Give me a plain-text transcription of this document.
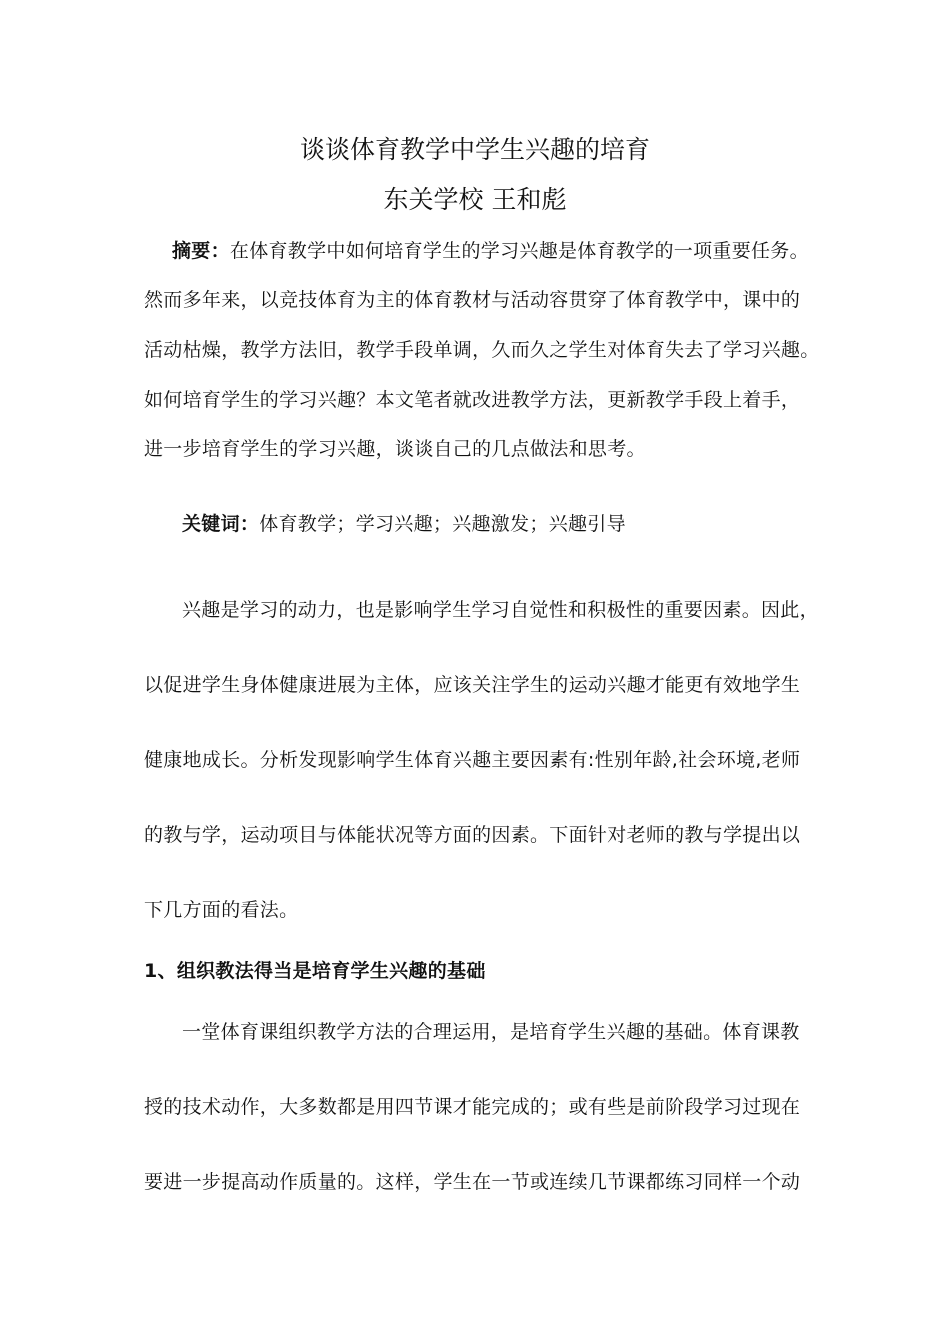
谈谈体育教学中学生兴趣的培育
东关学校 王和彪
摘要：在体育教学中如何培育学生的学习兴趣是体育教学的一项重要任务。
然而多年来，以竞技体育为主的体育教材与活动容贯穿了体育教学中，课中的
活动枯燥，教学方法旧，教学手段单调，久而久之学生对体育失去了学习兴趣。
如何培育学生的学习兴趣？本文笔者就改进教学方法，更新教学手段上着手，
进一步培育学生的学习兴趣，谈谈自己的几点做法和思考。
关键词：体育教学；学习兴趣；兴趣激发；兴趣引导
兴趣是学习的动力，也是影响学生学习自觉性和积极性的重要因素。因此，
以促进学生身体健康进展为主体，应该关注学生的运动兴趣才能更有效地学生
健康地成长。分析发现影响学生体育兴趣主要因素有:性别年龄,社会环境,老师
的教与学，运动项目与体能状况等方面的因素。下面针对老师的教与学提出以
下几方面的看法。
1、组织教法得当是培育学生兴趣的基础
一堂体育课组织教学方法的合理运用，是培育学生兴趣的基础。体育课教
授的技术动作，大多数都是用四节课才能完成的；或有些是前阶段学习过现在
要进一步提高动作质量的。这样，学生在一节或连续几节课都练习同样一个动
